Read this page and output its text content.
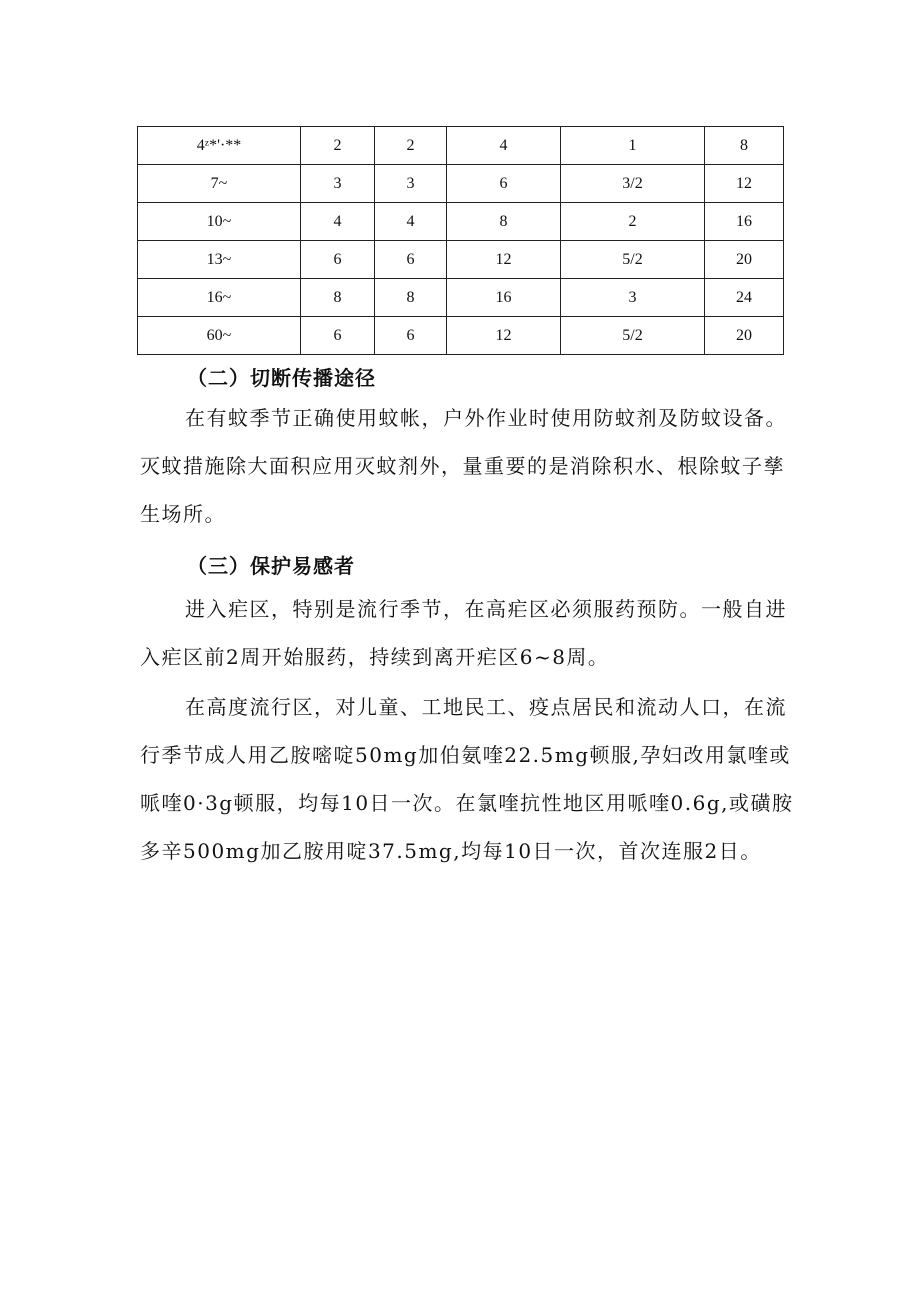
4ᶻ*'·**	2	2	4	1	8
7~	3	3	6	3/2	12
10~	4	4	8	2	16
13~	6	6	12	5/2	20
16~	8	8	16	3	24
60~	6	6	12	5/2	20
（二）切断传播途径

在有蚊季节正确使用蚊帐，户外作业时使用防蚊剂及防蚊设备。灭蚊措施除大面积应用灭蚊剂外，量重要的是消除积水、根除蚊子孳生场所。

（三）保护易感者

进入疟区，特别是流行季节，在高疟区必须服药预防。一般自进入疟区前2周开始服药，持续到离开疟区6~8周。

在高度流行区，对儿童、工地民工、疫点居民和流动人口，在流行季节成人用乙胺嘧啶50mg加伯氨喹22.5mg顿服,孕妇改用氯喹或哌喹0·3g顿服，均每10日一次。在氯喹抗性地区用哌喹0.6g,或磺胺多辛500mg加乙胺用啶37.5mg,均每10日一次，首次连服2日。
